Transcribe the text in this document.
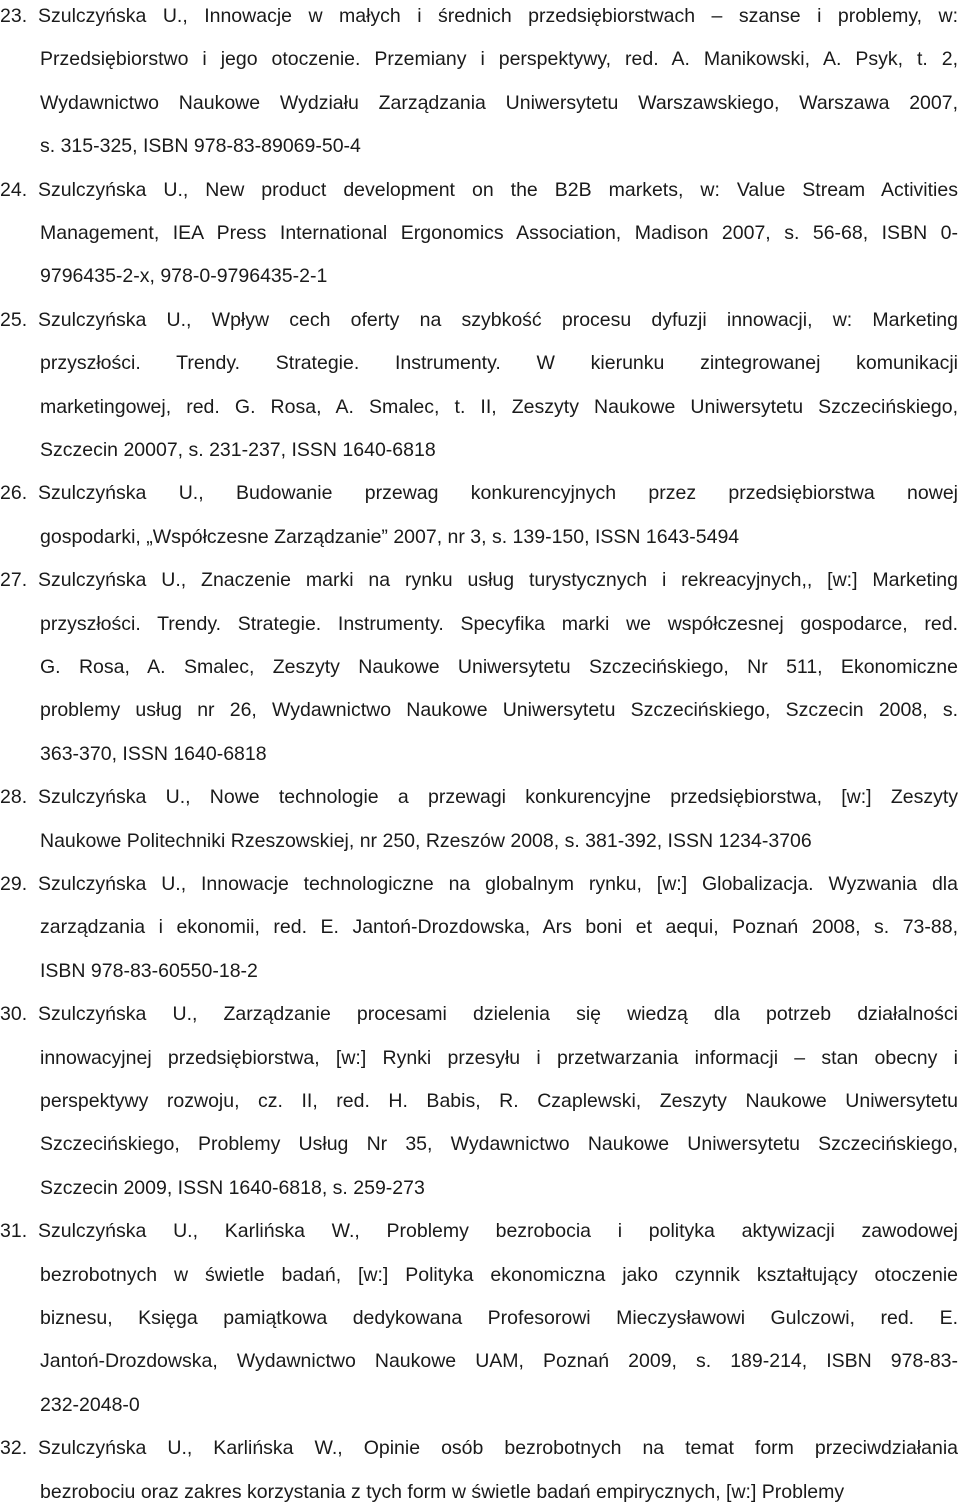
23. Szulczyńska U., Innowacje w małych i średnich przedsiębiorstwach – szanse i problemy, w:
Przedsiębiorstwo i jego otoczenie. Przemiany i perspektywy, red. A. Manikowski, A. Psyk, t. 2,
Wydawnictwo Naukowe Wydziału Zarządzania Uniwersytetu Warszawskiego, Warszawa 2007,
s. 315-325, ISBN 978-83-89069-50-4
24. Szulczyńska U., New product development on the B2B markets, w: Value Stream Activities
Management, IEA Press International Ergonomics Association, Madison 2007, s. 56-68, ISBN 0-
9796435-2-x, 978-0-9796435-2-1
25. Szulczyńska U., Wpływ cech oferty na szybkość procesu dyfuzji innowacji, w: Marketing
przyszłości. Trendy. Strategie. Instrumenty. W kierunku zintegrowanej komunikacji
marketingowej, red. G. Rosa, A. Smalec, t. II, Zeszyty Naukowe Uniwersytetu Szczecińskiego,
Szczecin 20007, s. 231-237, ISSN 1640-6818
26. Szulczyńska U., Budowanie przewag konkurencyjnych przez przedsiębiorstwa nowej
gospodarki, „Współczesne Zarządzanie” 2007, nr 3, s. 139-150, ISSN 1643-5494
27. Szulczyńska U., Znaczenie marki na rynku usług turystycznych i rekreacyjnych,, [w:] Marketing
przyszłości. Trendy. Strategie. Instrumenty. Specyfika marki we współczesnej gospodarce, red.
G. Rosa, A. Smalec, Zeszyty Naukowe Uniwersytetu Szczecińskiego, Nr 511, Ekonomiczne
problemy usług nr 26, Wydawnictwo Naukowe Uniwersytetu Szczecińskiego, Szczecin 2008, s.
363-370, ISSN 1640-6818
28. Szulczyńska U., Nowe technologie a przewagi konkurencyjne przedsiębiorstwa, [w:] Zeszyty
Naukowe Politechniki Rzeszowskiej, nr 250, Rzeszów 2008, s. 381-392, ISSN 1234-3706
29. Szulczyńska U., Innowacje technologiczne na globalnym rynku, [w:] Globalizacja. Wyzwania dla
zarządzania i ekonomii, red. E. Jantoń-Drozdowska, Ars boni et aequi, Poznań 2008, s. 73-88,
ISBN 978-83-60550-18-2
30. Szulczyńska U., Zarządzanie procesami dzielenia się wiedzą dla potrzeb działalności
innowacyjnej przedsiębiorstwa, [w:] Rynki przesyłu i przetwarzania informacji – stan obecny i
perspektywy rozwoju, cz. II, red. H. Babis, R. Czaplewski, Zeszyty Naukowe Uniwersytetu
Szczecińskiego, Problemy Usług Nr 35, Wydawnictwo Naukowe Uniwersytetu Szczecińskiego,
Szczecin 2009, ISSN 1640-6818, s. 259-273
31. Szulczyńska U., Karlińska W., Problemy bezrobocia i polityka aktywizacji zawodowej
bezrobotnych w świetle badań, [w:] Polityka ekonomiczna jako czynnik kształtujący otoczenie
biznesu, Księga pamiątkowa dedykowana Profesorowi Mieczysławowi Gulczowi, red. E.
Jantoń-Drozdowska, Wydawnictwo Naukowe UAM, Poznań 2009, s. 189-214, ISBN 978-83-
232-2048-0
32. Szulczyńska U., Karlińska W., Opinie osób bezrobotnych na temat form przeciwdziałania
bezrobociu oraz zakres korzystania z tych form w świetle badań empirycznych, [w:] Problemy
